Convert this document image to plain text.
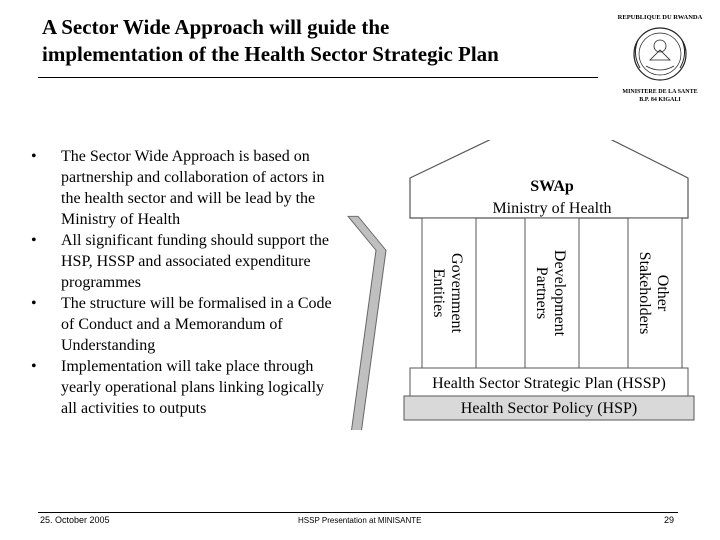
A Sector Wide Approach will guide the
implementation of the Health Sector Strategic Plan
REPUBLIQUE DU RWANDA
MINISTERE DE LA SANTE
B.P. 84 KIGALI
• The Sector Wide Approach is based on partnership and collaboration of actors in the health sector and will be lead by the Ministry of Health
• All significant funding should support the HSP, HSSP and associated expenditure programmes
• The structure will be formalised in a Code of Conduct and a Memorandum of Understanding
• Implementation will take place through yearly operational plans linking logically all activities to outputs
SWAp
Ministry of Health
Government
Entities	Development
Partners	Other
Stakeholders
Health Sector Strategic Plan (HSSP)
Health Sector Policy (HSP)
25. October 2005	HSSP Presentation at MINISANTE	29
